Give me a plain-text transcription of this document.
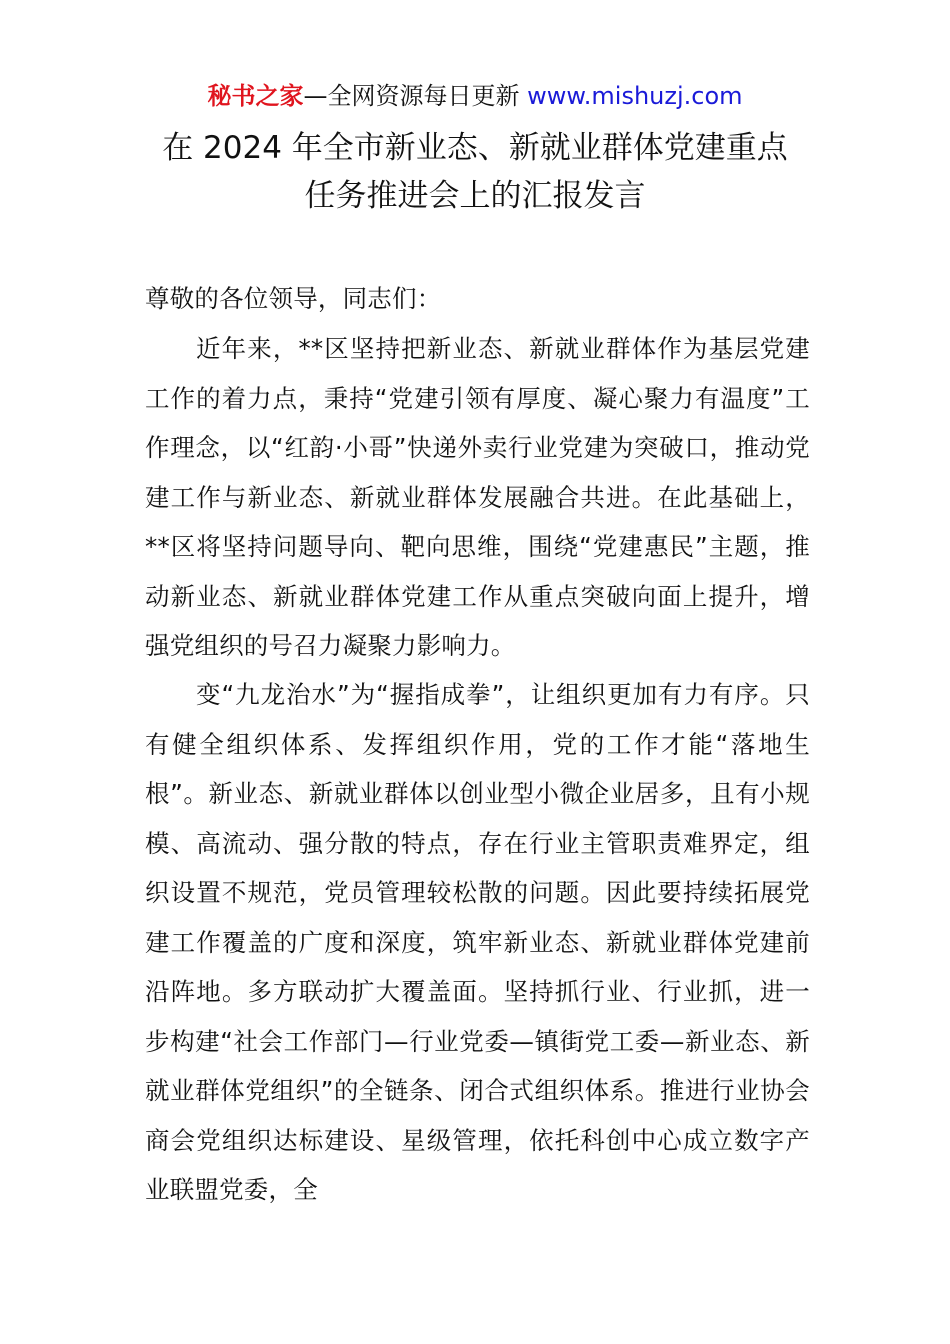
秘书之家—全网资源每日更新 www.mishuzj.com
在 2024 年全市新业态、新就业群体党建重点
任务推进会上的汇报发言
尊敬的各位领导，同志们：
近年来，**区坚持把新业态、新就业群体作为基层党建工作的着力点，秉持“党建引领有厚度、凝心聚力有温度”工作理念，以“红韵·小哥”快递外卖行业党建为突破口，推动党建工作与新业态、新就业群体发展融合共进。在此基础上，**区将坚持问题导向、靶向思维，围绕“党建惠民”主题，推动新业态、新就业群体党建工作从重点突破向面上提升，增强党组织的号召力凝聚力影响力。
变“九龙治水”为“握指成拳”，让组织更加有力有序。只有健全组织体系、发挥组织作用，党的工作才能“落地生根”。新业态、新就业群体以创业型小微企业居多，且有小规模、高流动、强分散的特点，存在行业主管职责难界定，组织设置不规范，党员管理较松散的问题。因此要持续拓展党建工作覆盖的广度和深度，筑牢新业态、新就业群体党建前沿阵地。多方联动扩大覆盖面。坚持抓行业、行业抓，进一步构建“社会工作部门—行业党委—镇街党工委—新业态、新就业群体党组织”的全链条、闭合式组织体系。推进行业协会商会党组织达标建设、星级管理，依托科创中心成立数字产业联盟党委，全
